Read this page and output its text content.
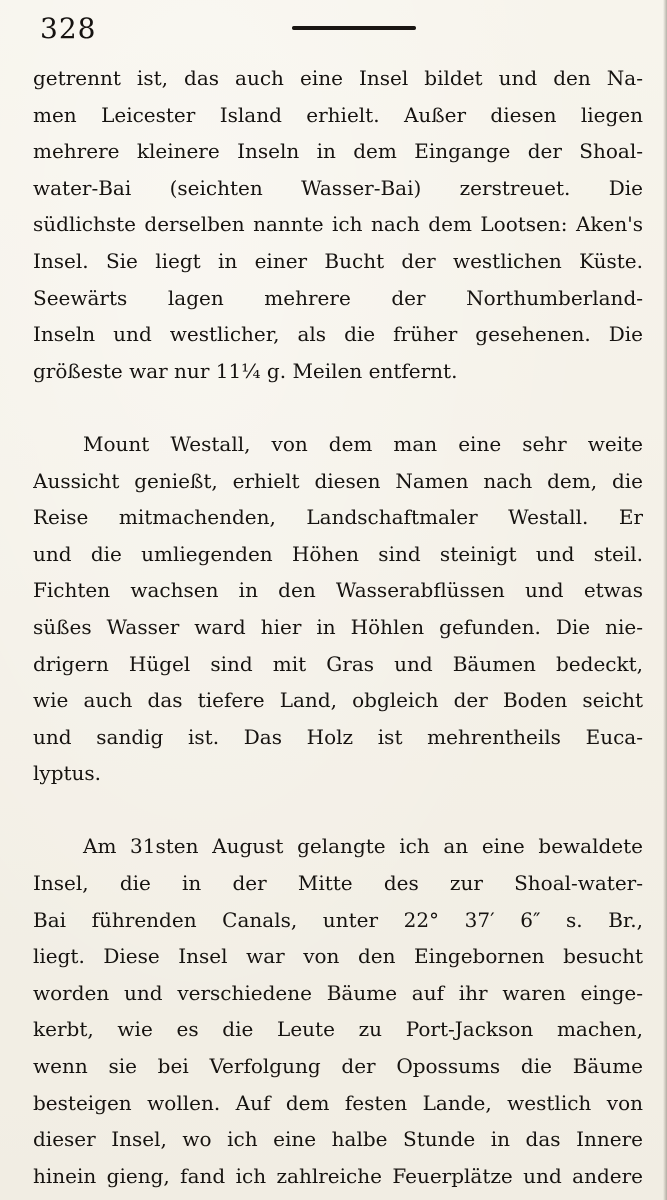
328
getrennt ist, das auch eine Insel bildet und den Na-
men Leicester Island erhielt. Außer diesen liegen
mehrere kleinere Inseln in dem Eingange der Shoal-
water-Bai (seichten Wasser-Bai) zerstreuet. Die
südlichste derselben nannte ich nach dem Lootsen: Aken's
Insel. Sie liegt in einer Bucht der westlichen Küste.
Seewärts lagen mehrere der Northumberland-
Inseln und westlicher, als die früher gesehenen. Die
größeste war nur 11¼ g. Meilen entfernt.
Mount Westall, von dem man eine sehr weite
Aussicht genießt, erhielt diesen Namen nach dem, die
Reise mitmachenden, Landschaftmaler Westall. Er
und die umliegenden Höhen sind steinigt und steil.
Fichten wachsen in den Wasserabflüssen und etwas
süßes Wasser ward hier in Höhlen gefunden. Die nie-
drigern Hügel sind mit Gras und Bäumen bedeckt,
wie auch das tiefere Land, obgleich der Boden seicht
und sandig ist. Das Holz ist mehrentheils Euca-
lyptus.
Am 31sten August gelangte ich an eine bewaldete
Insel, die in der Mitte des zur Shoal-water-
Bai führenden Canals, unter 22° 37′ 6″ s. Br.,
liegt. Diese Insel war von den Eingebornen besucht
worden und verschiedene Bäume auf ihr waren einge-
kerbt, wie es die Leute zu Port-Jackson machen,
wenn sie bei Verfolgung der Opossums die Bäume
besteigen wollen. Auf dem festen Lande, westlich von
dieser Insel, wo ich eine halbe Stunde in das Innere
hinein gieng, fand ich zahlreiche Feuerplätze und andere
